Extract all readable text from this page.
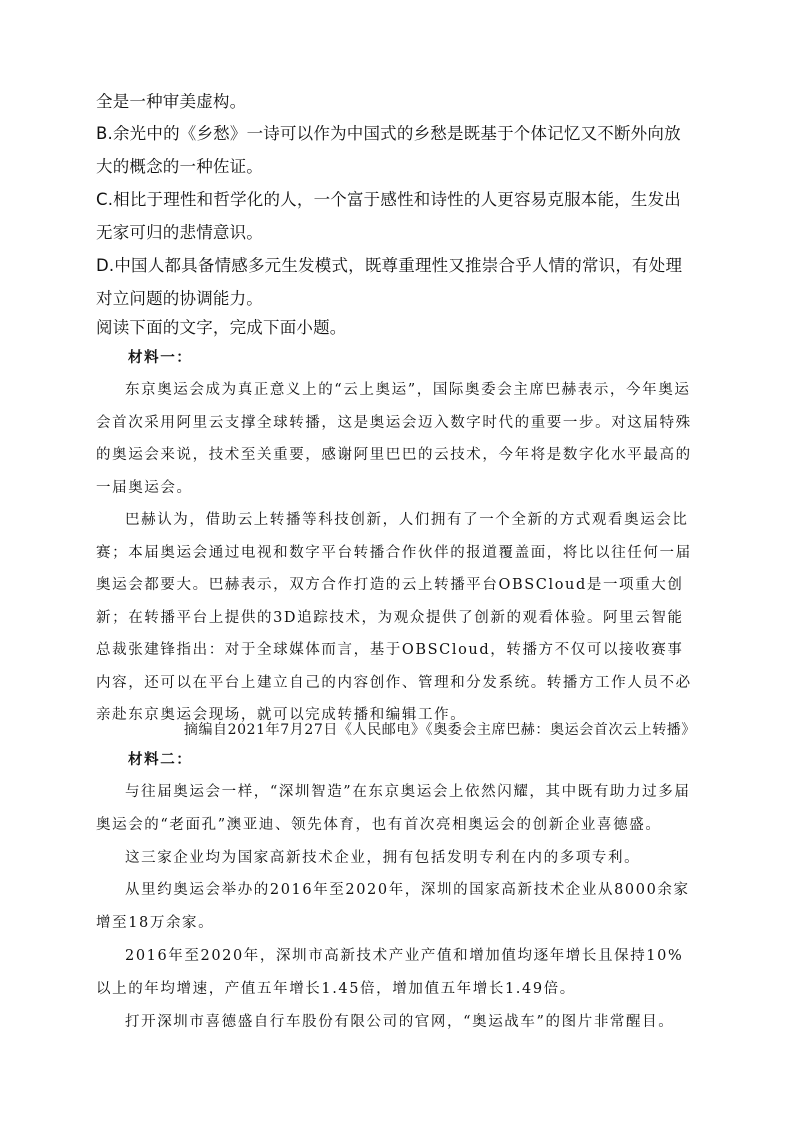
全是一种审美虚构。

B.余光中的《乡愁》一诗可以作为中国式的乡愁是既基于个体记忆又不断外向放大的概念的一种佐证。

C.相比于理性和哲学化的人，一个富于感性和诗性的人更容易克服本能，生发出无家可归的悲情意识。

D.中国人都具备情感多元生发模式，既尊重理性又推崇合乎人情的常识，有处理对立问题的协调能力。

阅读下面的文字，完成下面小题。

材料一：

东京奥运会成为真正意义上的“云上奥运”，国际奥委会主席巴赫表示，今年奥运会首次采用阿里云支撑全球转播，这是奥运会迈入数字时代的重要一步。对这届特殊的奥运会来说，技术至关重要，感谢阿里巴巴的云技术，今年将是数字化水平最高的一届奥运会。

巴赫认为，借助云上转播等科技创新，人们拥有了一个全新的方式观看奥运会比赛；本届奥运会通过电视和数字平台转播合作伙伴的报道覆盖面，将比以往任何一届奥运会都要大。巴赫表示，双方合作打造的云上转播平台OBSCloud是一项重大创新；在转播平台上提供的3D追踪技术，为观众提供了创新的观看体验。阿里云智能总裁张建锋指出：对于全球媒体而言，基于OBSCloud，转播方不仅可以接收赛事内容，还可以在平台上建立自己的内容创作、管理和分发系统。转播方工作人员不必亲赴东京奥运会现场，就可以完成转播和编辑工作。

摘编自2021年7月27日《人民邮电》《奥委会主席巴赫：奥运会首次云上转播》

材料二：

与往届奥运会一样，“深圳智造”在东京奥运会上依然闪耀，其中既有助力过多届奥运会的“老面孔”澳亚迪、领先体育，也有首次亮相奥运会的创新企业喜德盛。

这三家企业均为国家高新技术企业，拥有包括发明专利在内的多项专利。

从里约奥运会举办的2016年至2020年，深圳的国家高新技术企业从8000余家增至18万余家。

2016年至2020年，深圳市高新技术产业产值和增加值均逐年增长且保持10%以上的年均增速，产值五年增长1.45倍，增加值五年增长1.49倍。

打开深圳市喜德盛自行车股份有限公司的官网，“奥运战车”的图片非常醒目。
